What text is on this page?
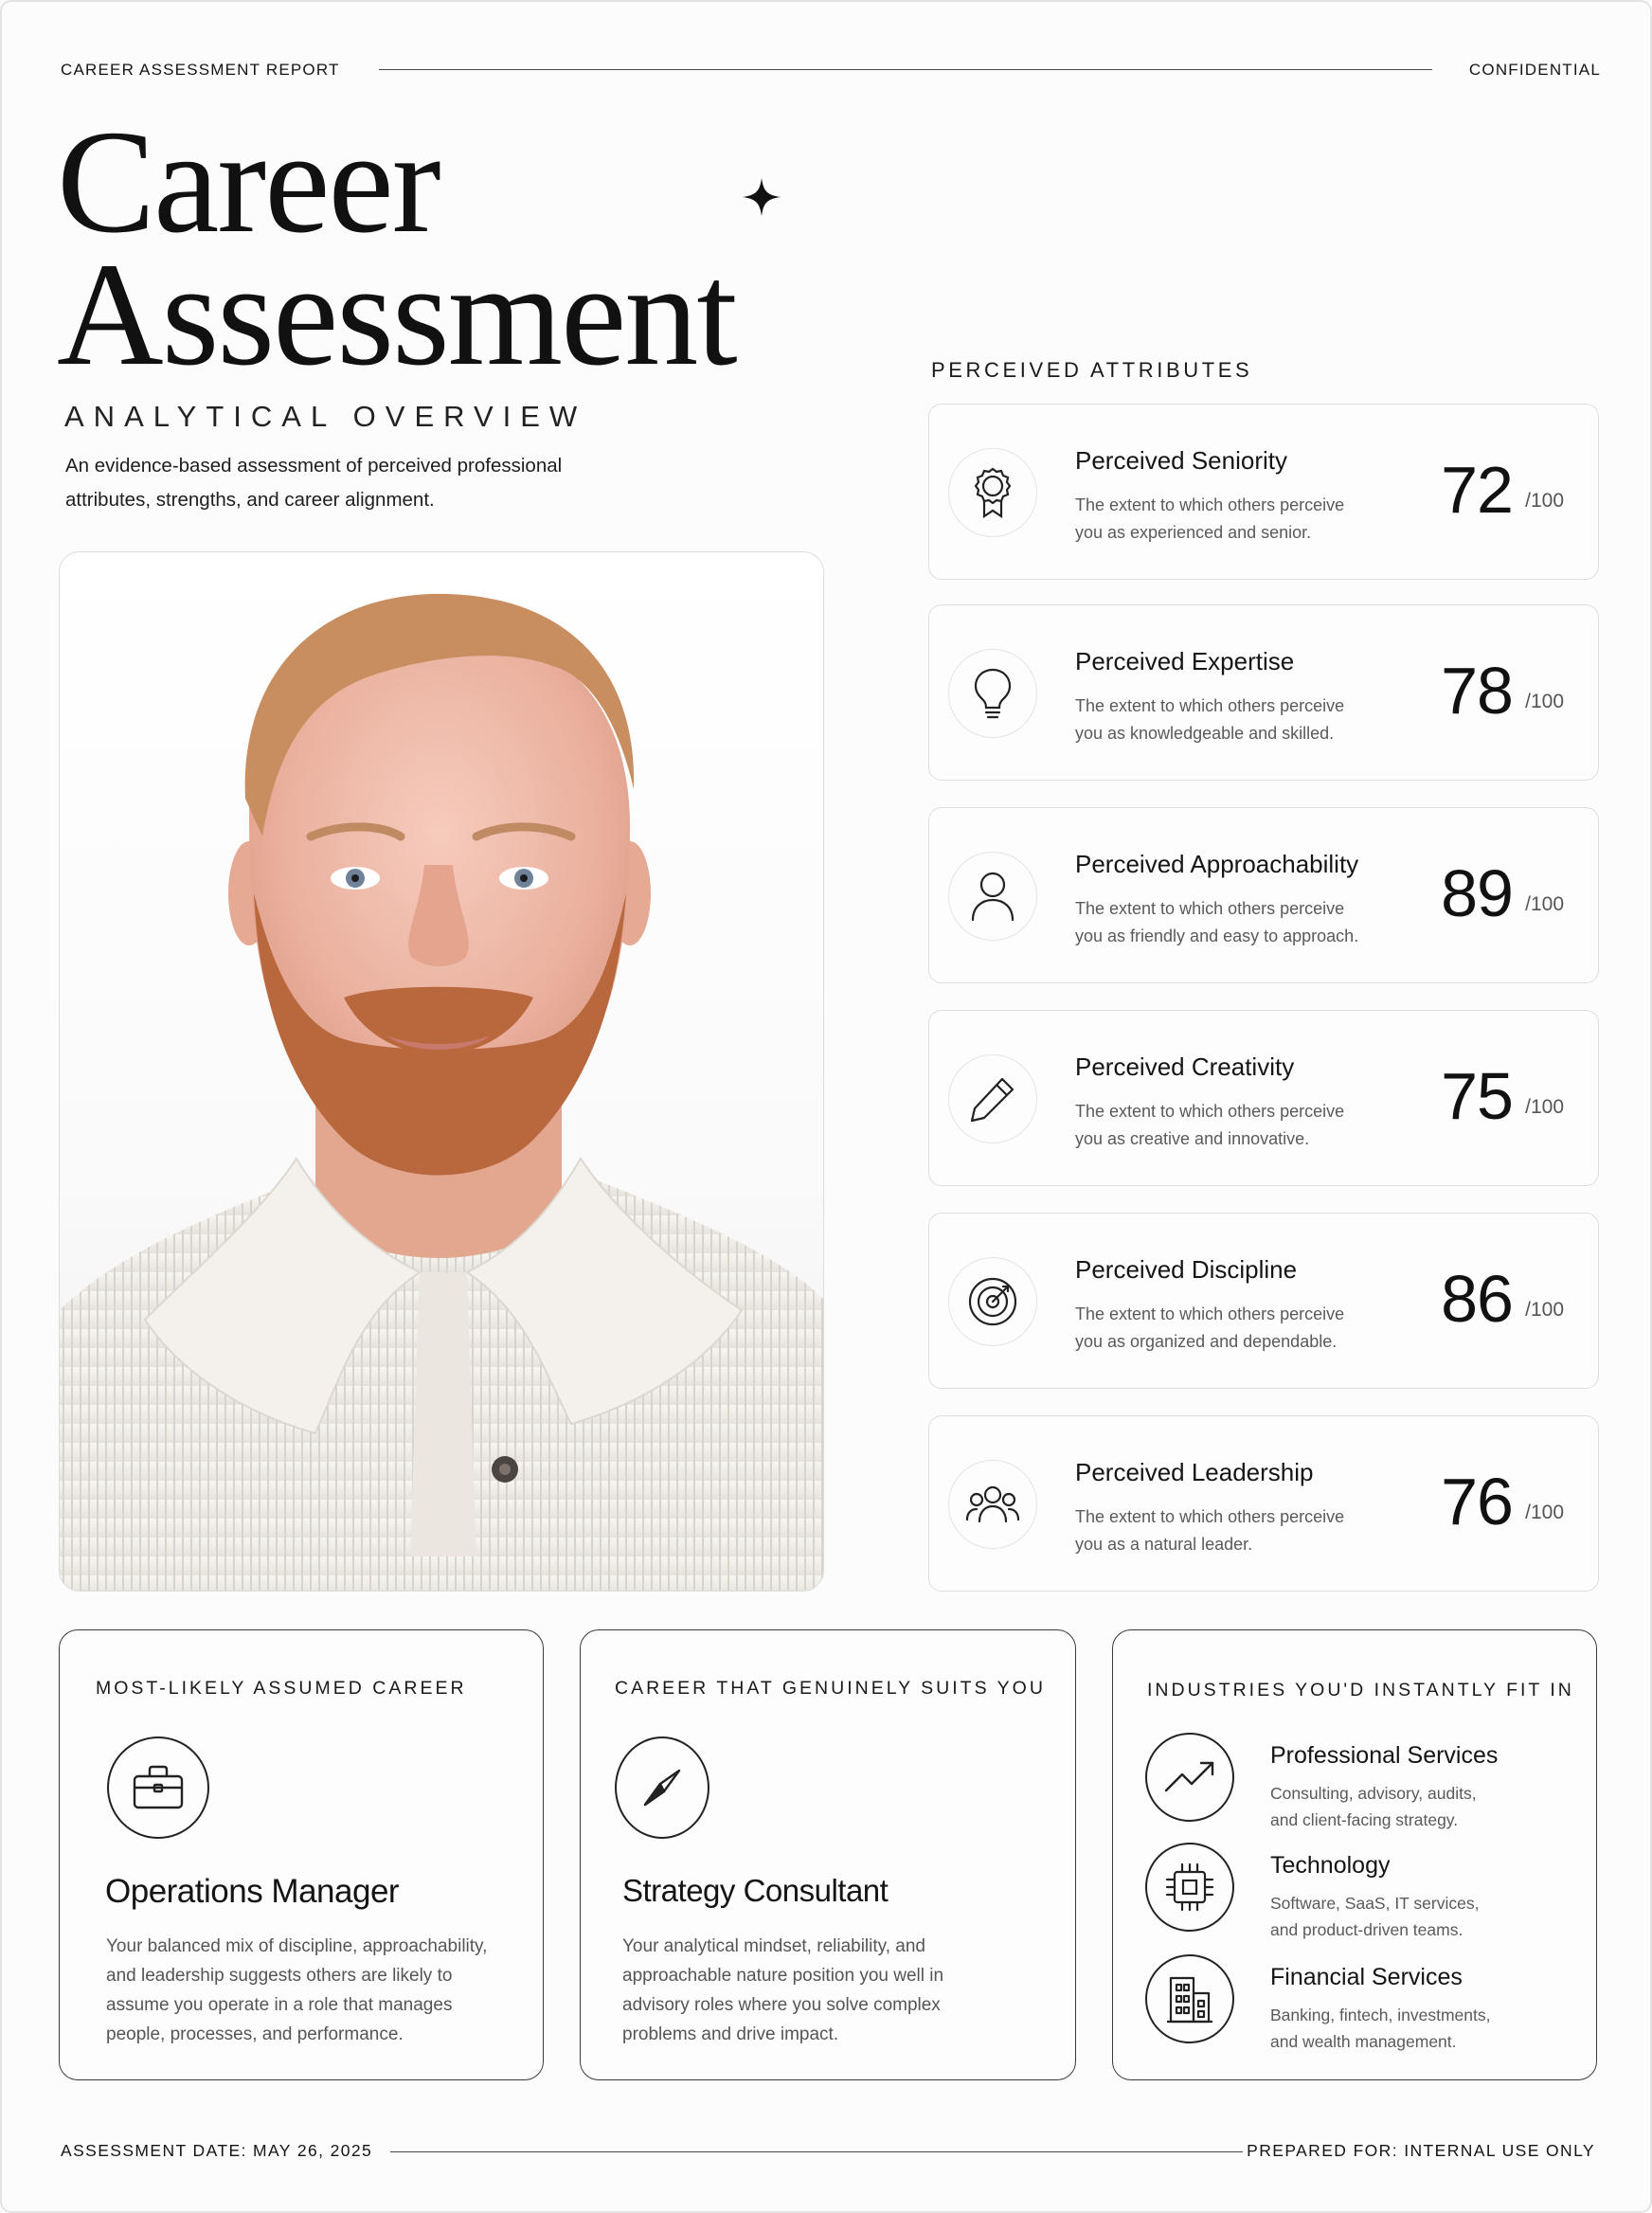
CAREER ASSESSMENT REPORT	CONFIDENTIAL
Career
Assessment
ANALYTICAL OVERVIEW
An evidence-based assessment of perceived professional
attributes, strengths, and career alignment.
PERCEIVED ATTRIBUTES
Perceived Seniority
The extent to which others perceive
you as experienced and senior.
72 /100
Perceived Expertise
The extent to which others perceive
you as knowledgeable and skilled.
78 /100
Perceived Approachability
The extent to which others perceive
you as friendly and easy to approach.
89 /100
Perceived Creativity
The extent to which others perceive
you as creative and innovative.
75 /100
Perceived Discipline
The extent to which others perceive
you as organized and dependable.
86 /100
Perceived Leadership
The extent to which others perceive
you as a natural leader.
76 /100
MOST-LIKELY ASSUMED CAREER
Operations Manager
Your balanced mix of discipline, approachability,
and leadership suggests others are likely to
assume you operate in a role that manages
people, processes, and performance.
CAREER THAT GENUINELY SUITS YOU
Strategy Consultant
Your analytical mindset, reliability, and
approachable nature position you well in
advisory roles where you solve complex
problems and drive impact.
INDUSTRIES YOU'D INSTANTLY FIT IN
Professional Services
Consulting, advisory, audits,
and client-facing strategy.
Technology
Software, SaaS, IT services,
and product-driven teams.
Financial Services
Banking, fintech, investments,
and wealth management.
ASSESSMENT DATE: MAY 26, 2025	PREPARED FOR: INTERNAL USE ONLY
